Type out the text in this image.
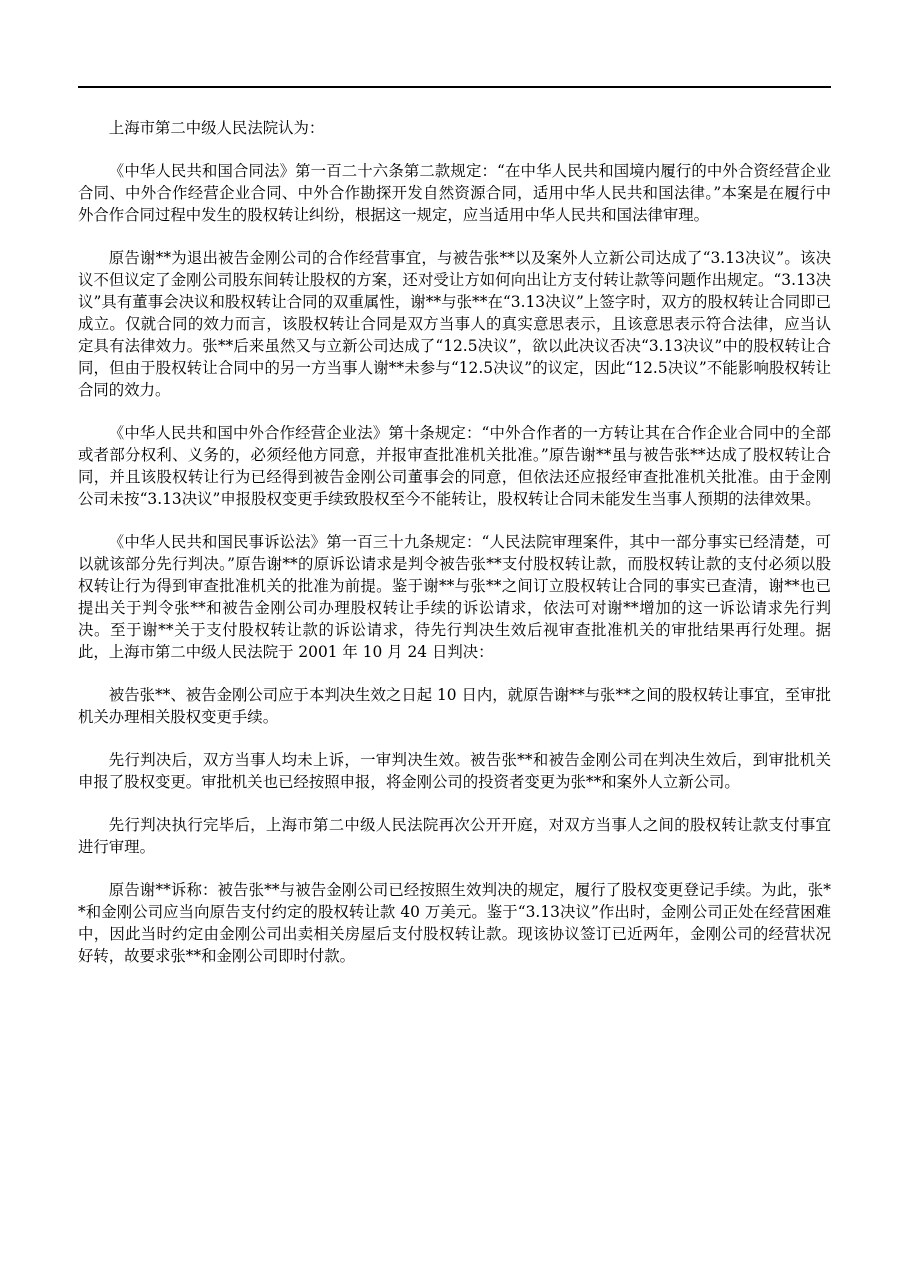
上海市第二中级人民法院认为：

《中华人民共和国合同法》第一百二十六条第二款规定：“在中华人民共和国境内履行的中外合资经营企业合同、中外合作经营企业合同、中外合作勘探开发自然资源合同，适用中华人民共和国法律。”本案是在履行中外合作合同过程中发生的股权转让纠纷，根据这一规定，应当适用中华人民共和国法律审理。

原告谢**为退出被告金刚公司的合作经营事宜，与被告张**以及案外人立新公司达成了“3.13决议”。该决议不但议定了金刚公司股东间转让股权的方案，还对受让方如何向出让方支付转让款等问题作出规定。“3.13决议”具有董事会决议和股权转让合同的双重属性，谢**与张**在“3.13决议”上签字时，双方的股权转让合同即已成立。仅就合同的效力而言，该股权转让合同是双方当事人的真实意思表示，且该意思表示符合法律，应当认定具有法律效力。张**后来虽然又与立新公司达成了“12.5决议”，欲以此决议否决“3.13决议”中的股权转让合同，但由于股权转让合同中的另一方当事人谢**未参与“12.5决议”的议定，因此“12.5决议”不能影响股权转让合同的效力。

《中华人民共和国中外合作经营企业法》第十条规定：“中外合作者的一方转让其在合作企业合同中的全部或者部分权利、义务的，必须经他方同意，并报审查批准机关批准。”原告谢**虽与被告张**达成了股权转让合同，并且该股权转让行为已经得到被告金刚公司董事会的同意，但依法还应报经审查批准机关批准。由于金刚公司未按“3.13决议”申报股权变更手续致股权至今不能转让，股权转让合同未能发生当事人预期的法律效果。

《中华人民共和国民事诉讼法》第一百三十九条规定：“人民法院审理案件，其中一部分事实已经清楚，可以就该部分先行判决。”原告谢**的原诉讼请求是判令被告张**支付股权转让款，而股权转让款的支付必须以股权转让行为得到审查批准机关的批准为前提。鉴于谢**与张**之间订立股权转让合同的事实已查清，谢**也已提出关于判令张**和被告金刚公司办理股权转让手续的诉讼请求，依法可对谢**增加的这一诉讼请求先行判决。至于谢**关于支付股权转让款的诉讼请求，待先行判决生效后视审查批准机关的审批结果再行处理。据此，上海市第二中级人民法院于 2001 年 10 月 24 日判决：

被告张**、被告金刚公司应于本判决生效之日起 10 日内，就原告谢**与张**之间的股权转让事宜，至审批机关办理相关股权变更手续。

先行判决后，双方当事人均未上诉，一审判决生效。被告张**和被告金刚公司在判决生效后，到审批机关申报了股权变更。审批机关也已经按照申报，将金刚公司的投资者变更为张**和案外人立新公司。

先行判决执行完毕后，上海市第二中级人民法院再次公开开庭，对双方当事人之间的股权转让款支付事宜进行审理。

原告谢**诉称：被告张**与被告金刚公司已经按照生效判决的规定，履行了股权变更登记手续。为此，张**和金刚公司应当向原告支付约定的股权转让款 40 万美元。鉴于“3.13决议”作出时，金刚公司正处在经营困难中，因此当时约定由金刚公司出卖相关房屋后支付股权转让款。现该协议签订已近两年，金刚公司的经营状况好转，故要求张**和金刚公司即时付款。
